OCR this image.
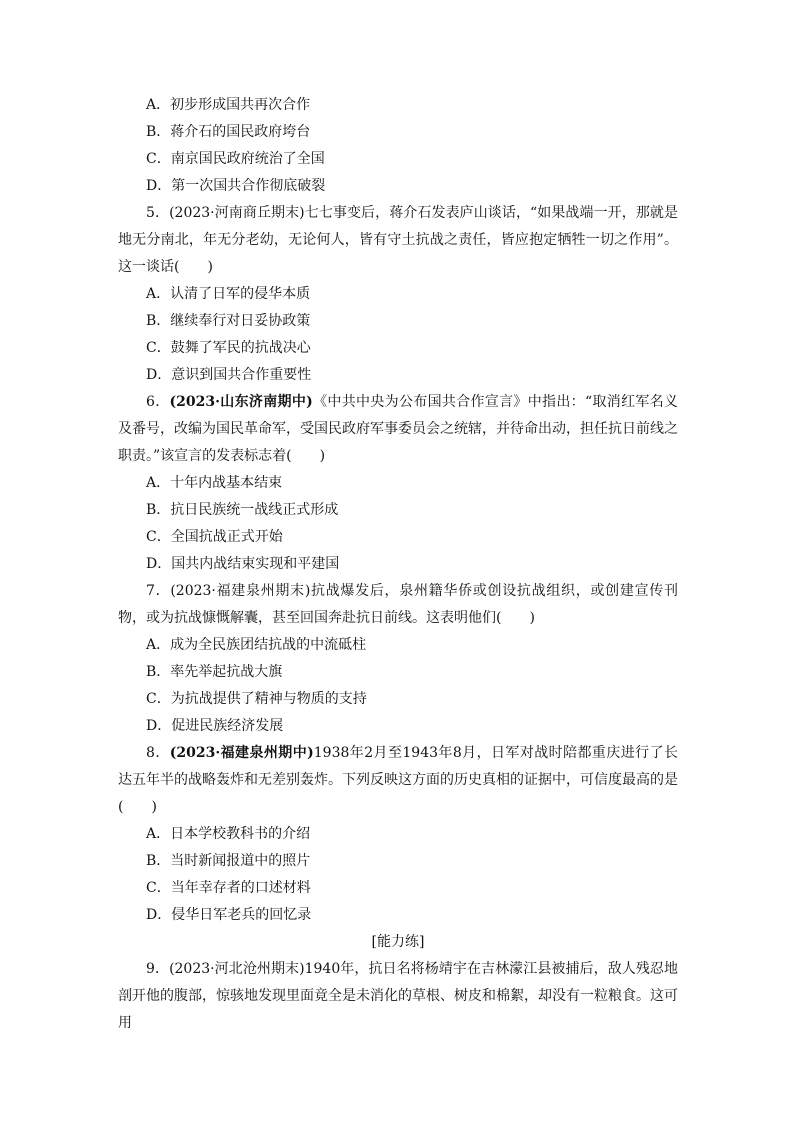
A．初步形成国共再次合作
B．蒋介石的国民政府垮台
C．南京国民政府统治了全国
D．第一次国共合作彻底破裂
5．(2023·河南商丘期末)七七事变后，蒋介石发表庐山谈话，“如果战端一开，那就是地无分南北，年无分老幼，无论何人，皆有守土抗战之责任，皆应抱定牺牲一切之作用”。这一谈话(　　)
A．认清了日军的侵华本质
B．继续奉行对日妥协政策
C．鼓舞了军民的抗战决心
D．意识到国共合作重要性
6．(2023·山东济南期中)《中共中央为公布国共合作宣言》中指出：“取消红军名义及番号，改编为国民革命军，受国民政府军事委员会之统辖，并待命出动，担任抗日前线之职责。”该宣言的发表标志着(　　)
A．十年内战基本结束
B．抗日民族统一战线正式形成
C．全国抗战正式开始
D．国共内战结束实现和平建国
7．(2023·福建泉州期末)抗战爆发后，泉州籍华侨或创设抗战组织，或创建宣传刊物，或为抗战慷慨解囊，甚至回国奔赴抗日前线。这表明他们(　　)
A．成为全民族团结抗战的中流砥柱
B．率先举起抗战大旗
C．为抗战提供了精神与物质的支持
D．促进民族经济发展
8．(2023·福建泉州期中)1938年2月至1943年8月，日军对战时陪都重庆进行了长达五年半的战略轰炸和无差别轰炸。下列反映这方面的历史真相的证据中，可信度最高的是(　　)
A．日本学校教科书的介绍
B．当时新闻报道中的照片
C．当年幸存者的口述材料
D．侵华日军老兵的回忆录
[能力练]
9．(2023·河北沧州期末)1940年，抗日名将杨靖宇在吉林濛江县被捕后，敌人残忍地剖开他的腹部，惊骇地发现里面竟全是未消化的草根、树皮和棉絮，却没有一粒粮食。这可用
